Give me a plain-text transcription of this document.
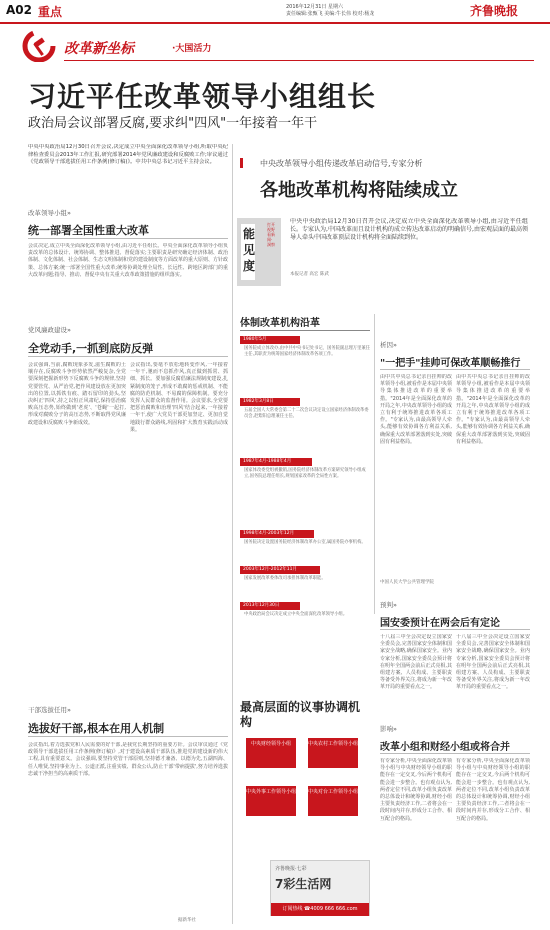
A02 重点	2016年12月31日 星期六
责任编辑:张甄飞 美编:牛长伟 校对:杨龙	齐鲁晚报
改革新坐标	·大国活力
习近平任改革领导小组组长
政治局会议部署反腐,要求纠"四风"一年接着一年干
中央中央政治局12月30日召开会议,决定成立中央全面深化改革领导小组,听取中央纪律检查委员会2013年工作汇报,研究部署2014年党风廉政建设和反腐败工作;审议通过《党政领导干部选拔任用工作条例(修订稿)》。中共中央总书记习近平主持会议。
改革领导小组»
统一部署全国性重大改革
会议决定,成立中央全面深化改革领导小组,由习近平任组长。中央全面深化改革领导小组负责改革的总体设计、统筹协调、整体推进、督促落实;主要职责是研究确定经济体制、政治体制、文化体制、社会体制、生态文明体制和党的建设制度等方面改革的重大原则、方针政策、总体方案;统一部署全国性重大改革;统筹协调处理全局性、长远性、跨地区跨部门的重大改革问题;指导、推动、督促中央有关重大改革政策措施的组织落实。
党风廉政建设»
全党动手,一抓到底防反弹
会议强调,当前,腐败现象多发,滋生腐败的土壤存在,反腐败斗争形势依然严峻复杂,全党要深刻把握新形势下反腐败斗争的规律,坚持党要管党、从严治党,把作风建设放在更加突出的位置,以抓铁有痕、踏石留印的劲头,坚决纠正'四风',持之以恒正风肃纪,保持惩治腐败高压态势,始终做到'老虎'、'苍蝇'一起打,形成对腐败分子的高压态势,不断取得党风廉政建设和反腐败斗争新成效。
会议指出,要毫不放松地转变作风,一年接着一年干,驰而不息抓作风,真正做到抓常、抓细、抓长。要加强反腐倡廉法规制度建设,扎紧制度的笼子,形成不敢腐的惩戒机制、不能腐的防范机制、不易腐的保障机制。要充分发挥人民群众的监督作用。会议要求,全党要把惩治腐败和治理'四风'结合起来,一年接着一年干,使广大党员干部更加坚定、更加自觉地践行群众路线,巩固和扩大教育实践活动成果。
干部选拔任用»
选拔好干部,根本在用人机制
会议指出,着力选拔党和人民需要的好干部,是我党长期坚持的重要方针。会议审议通过《党政领导干部选拔任用工作条例(修订稿)》,对于建设高素质干部队伍,推进党的建设新的伟大工程,具有重要意义。会议强调,要坚持党管干部原则,坚持德才兼备、以德为先,五湖四海、任人唯贤,坚持事业为上、公道正派,注重实绩、群众公认,防止干部'带病提拔',努力培养选拔忠诚干净担当的高素质干部。
据新华社
中央改革领导小组传递改革启动信号,专家分析
各地改革机构将陆续成立
能
见
度
打开视野看新闻·洞察
中央中央政治局12月30日召开会议,决定成立中央全面深化改革领导小组,由习近平任组长。专家认为,中国改革而且设计机构的成立传达改革启动的明确信号,由宏观层面的最高领导人牵头中国改革顶层设计机构将全面陆续到位。
本报记者 高宏 陈武
体制改革机构沿革
1980年5月
国务院成立体改办,由中共中央书记处书记、国务院副总理万里兼任主任,其职责为统筹国家经济体制改革各项工作。
1982年3月8日
五届全国人大常委会第二十二次会议决定设立国家经济体制改革委员会,赵紫阳总理兼任主任。
1987年4月-1988年4月
国家体改委党组被撤销,国务院经济体制改革方案研究领导小组成立,国务院总理任组长,规划国家改革的全局性方案。
1998年4月-2003年12月
国务院决定设置国务院经济体制改革办公室,属国务院办事机构。
2003年12月-2012年11月
国家发展改革委体改司承担体制改革职能。
2013年12月30日
中央政治局会议决定成立中央全面深化改革领导小组。
析因»
"一把手"挂帅可保改革顺畅推行
由中共中央总书记亲自挂帅的改革领导小组,被看作是本届中央领导集体推进改革的重要举措。"2014年是全面深化改革的开局之年,中央改革领导小组的成立有利于统筹推进改革各项工作。"专家认为,由最高领导人牵头,能够有效协调各方利益关系,确保重大改革部署落到实处,突破固有利益格局。
由中共中央总书记亲自挂帅的改革领导小组,被看作是本届中央领导集体推进改革的重要举措。"2014年是全面深化改革的开局之年,中央改革领导小组的成立有利于统筹推进改革各项工作。"专家认为,由最高领导人牵头,能够有效协调各方利益关系,确保重大改革部署落到实处,突破固有利益格局。
中国人民大学公共管理学院
预判»
国安委预计在两会后有定论
十八届三中全会决定设立国家安全委员会,完善国家安全体制和国家安全战略,确保国家安全。业内专家分析,国家安全委员会预计将在明年全国两会前后正式亮相,其组建方案、人员构成、主要职责等备受外界关注,将成为新一年改革开局的重要看点之一。
十八届三中全会决定设立国家安全委员会,完善国家安全体制和国家安全战略,确保国家安全。业内专家分析,国家安全委员会预计将在明年全国两会前后正式亮相,其组建方案、人员构成、主要职责等备受外界关注,将成为新一年改革开局的重要看点之一。
影响»
改革小组和财经小组或将合并
有专家分析,中央全面深化改革领导小组与中央财经领导小组的职能存在一定交叉,今后两个机构可能会进一步整合。也有观点认为,两者定位不同,改革小组负责改革的总体设计和统筹协调,财经小组主要负责经济工作,二者将会在一段时间内并存,形成分工合作、相互配合的格局。
有专家分析,中央全面深化改革领导小组与中央财经领导小组的职能存在一定交叉,今后两个机构可能会进一步整合。也有观点认为,两者定位不同,改革小组负责改革的总体设计和统筹协调,财经小组主要负责经济工作,二者将会在一段时间内并存,形成分工合作、相互配合的格局。
最高层面的议事协调机构
中央财经领导小组	中央农村工作领导小组
中央外事工作领导小组 中央对台工作领导小组
齐鲁晚报·七彩
7彩生活网
订阅热线 ☎4009 666 666.com
